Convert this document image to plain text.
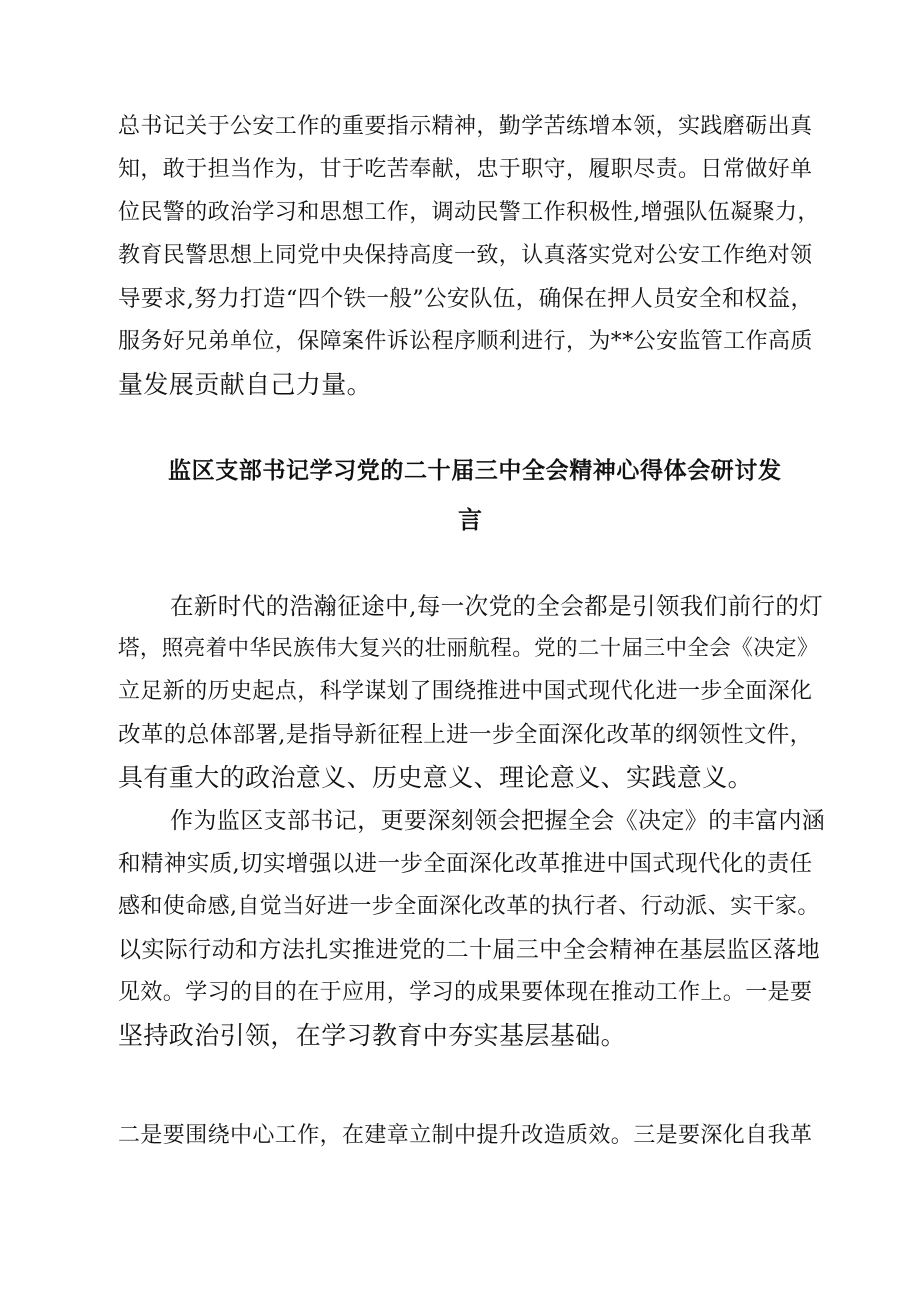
总书记关于公安工作的重要指示精神，勤学苦练增本领，实践磨砺出真
知，敢于担当作为，甘于吃苦奉献，忠于职守，履职尽责。日常做好单
位民警的政治学习和思想工作，调动民警工作积极性,增强队伍凝聚力，
教育民警思想上同党中央保持高度一致，认真落实党对公安工作绝对领
导要求,努力打造“四个铁一般”公安队伍，确保在押人员安全和权益，
服务好兄弟单位，保障案件诉讼程序顺利进行，为**公安监管工作高质
量发展贡献自己力量。
监区支部书记学习党的二十届三中全会精神心得体会研讨发
言
在新时代的浩瀚征途中,每一次党的全会都是引领我们前行的灯
塔，照亮着中华民族伟大复兴的壮丽航程。党的二十届三中全会《决定》
立足新的历史起点，科学谋划了围绕推进中国式现代化进一步全面深化
改革的总体部署,是指导新征程上进一步全面深化改革的纲领性文件，
具有重大的政治意义、历史意义、理论意义、实践意义。
作为监区支部书记，更要深刻领会把握全会《决定》的丰富内涵
和精神实质,切实增强以进一步全面深化改革推进中国式现代化的责任
感和使命感,自觉当好进一步全面深化改革的执行者、行动派、实干家。
以实际行动和方法扎实推进党的二十届三中全会精神在基层监区落地
见效。学习的目的在于应用，学习的成果要体现在推动工作上。一是要
坚持政治引领，在学习教育中夯实基层基础。
二是要围绕中心工作，在建章立制中提升改造质效。三是要深化自我革
